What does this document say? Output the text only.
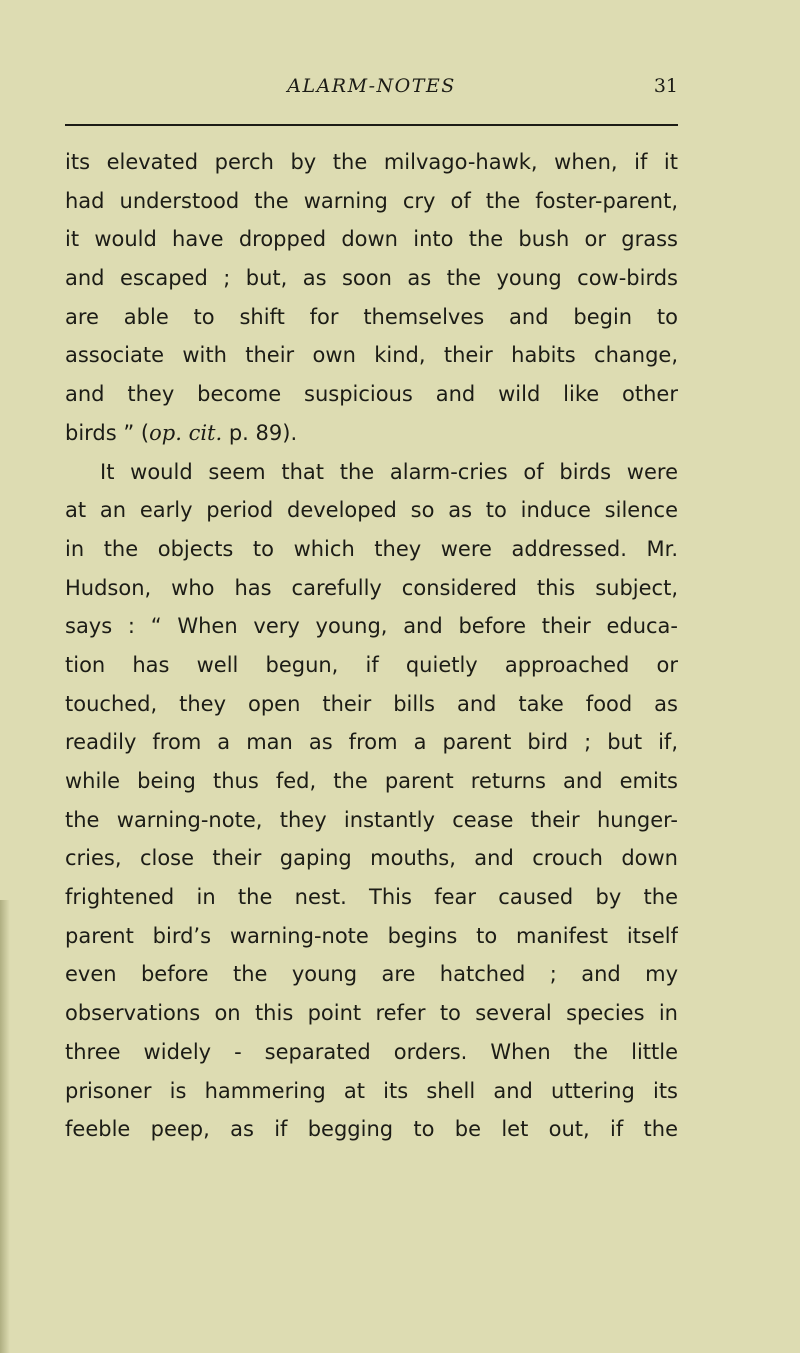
ALARM-NOTES	31
its elevated perch by the milvago-hawk, when, if it
had understood the warning cry of the foster-parent,
it would have dropped down into the bush or grass
and escaped ; but, as soon as the young cow-birds
are able to shift for themselves and begin to
associate with their own kind, their habits change,
and they become suspicious and wild like other
birds ” (op. cit. p. 89).
It would seem that the alarm-cries of birds were
at an early period developed so as to induce silence
in the objects to which they were addressed. Mr.
Hudson, who has carefully considered this subject,
says : “ When very young, and before their educa-
tion has well begun, if quietly approached or
touched, they open their bills and take food as
readily from a man as from a parent bird ; but if,
while being thus fed, the parent returns and emits
the warning-note, they instantly cease their hunger-
cries, close their gaping mouths, and crouch down
frightened in the nest. This fear caused by the
parent bird’s warning-note begins to manifest itself
even before the young are hatched ; and my
observations on this point refer to several species in
three widely - separated orders. When the little
prisoner is hammering at its shell and uttering its
feeble peep, as if begging to be let out, if the
